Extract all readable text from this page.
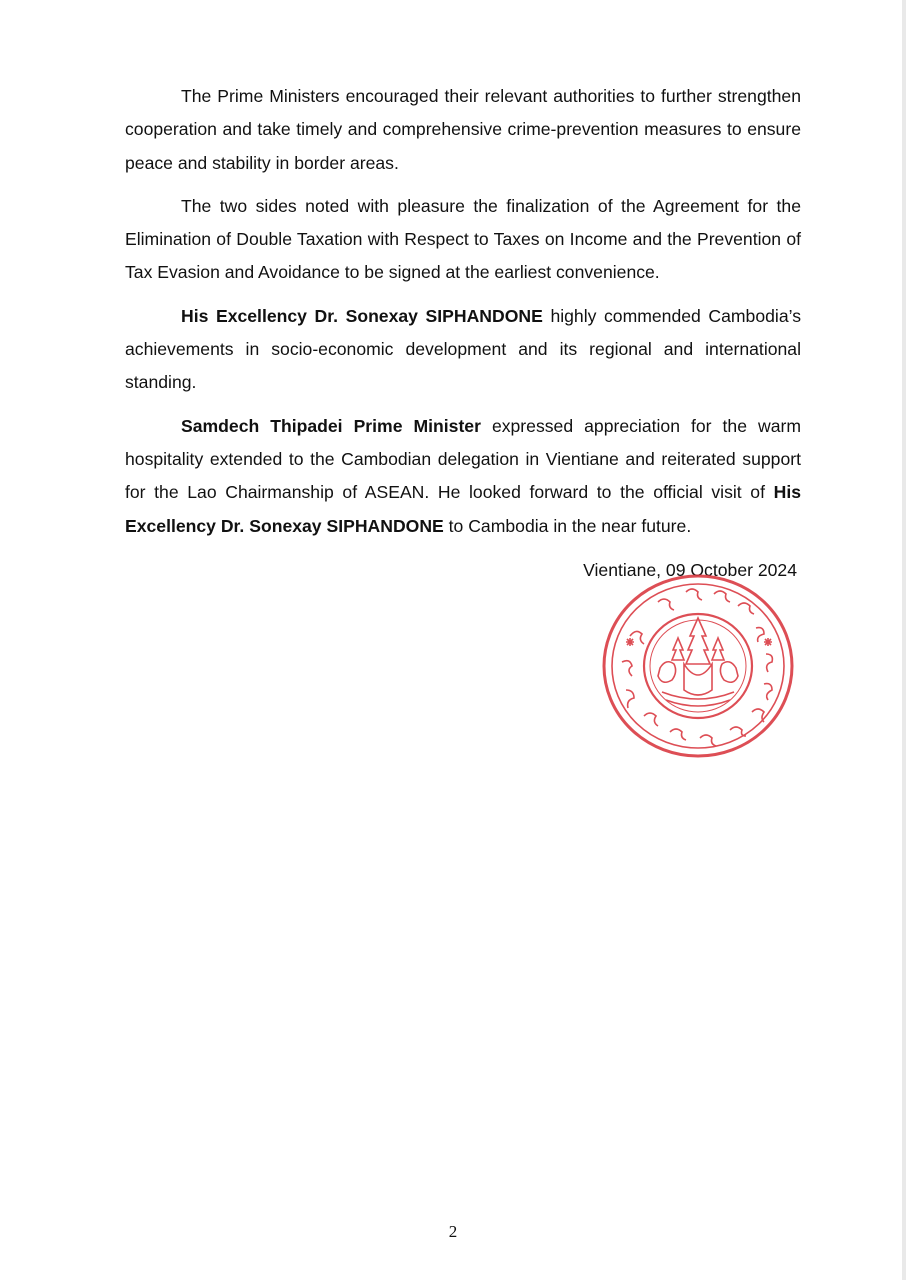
The Prime Ministers encouraged their relevant authorities to further strengthen cooperation and take timely and comprehensive crime-prevention measures to ensure peace and stability in border areas.

The two sides noted with pleasure the finalization of the Agreement for the Elimination of Double Taxation with Respect to Taxes on Income and the Prevention of Tax Evasion and Avoidance to be signed at the earliest convenience.

His Excellency Dr. Sonexay SIPHANDONE highly commended Cambodia’s achievements in socio-economic development and its regional and international standing.

Samdech Thipadei Prime Minister expressed appreciation for the warm hospitality extended to the Cambodian delegation in Vientiane and reiterated support for the Lao Chairmanship of ASEAN. He looked forward to the official visit of His Excellency Dr. Sonexay SIPHANDONE to Cambodia in the near future.

Vientiane, 09 October 2024
2
